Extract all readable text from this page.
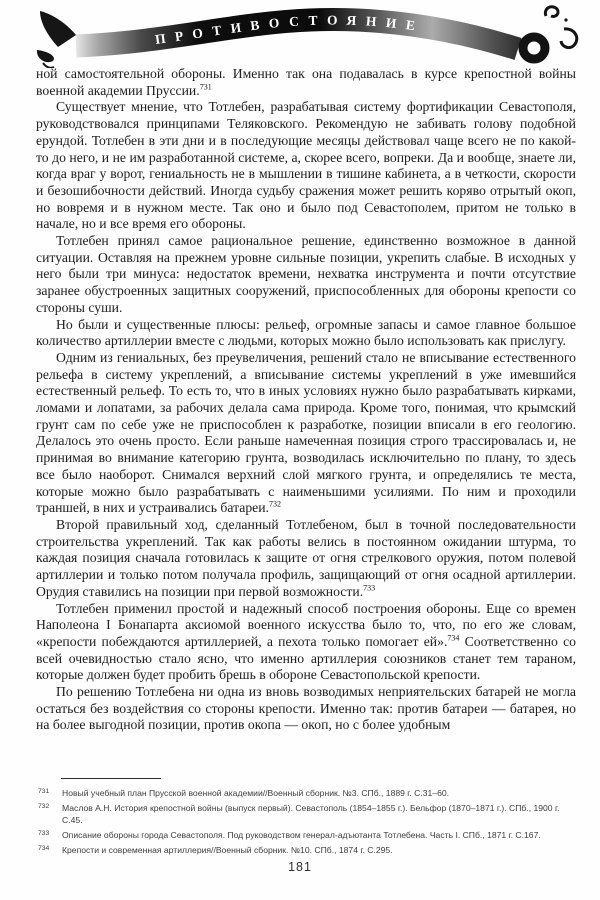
ПРОТИВОСТОЯНИЕ

ной самостоятельной обороны. Именно так она подавалась в курсе крепостной войны военной академии Пруссии.$^{731}$

Существует мнение, что Тотлебен, разрабатывая систему фортификации Севастополя, руководствовался принципами Теляковского. Рекомендую не забивать голову подобной ерундой. Тотлебен в эти дни и в последующие месяцы действовал чаще всего не по какой-то до него, и не им разработанной системе, а, скорее всего, вопреки. Да и вообще, знаете ли, когда враг у ворот, гениальность не в мышлении в тишине кабинета, а в четкости, скорости и безошибочности действий. Иногда судьбу сражения может решить коряво отрытый окоп, но вовремя и в нужном месте. Так оно и было под Севастополем, притом не только в начале, но и все время его обороны.

Тотлебен принял самое рациональное решение, единственно возможное в данной ситуации. Оставляя на прежнем уровне сильные позиции, укрепить слабые. В исходных у него были три минуса: недостаток времени, нехватка инструмента и почти отсутствие заранее обустроенных защитных сооружений, приспособленных для обороны крепости со стороны суши.

Но были и существенные плюсы: рельеф, огромные запасы и самое главное большое количество артиллерии вместе с людьми, которых можно было использовать как прислугу.

Одним из гениальных, без преувеличения, решений стало не вписывание естественного рельефа в систему укреплений, а вписывание системы укреплений в уже имевшийся естественный рельеф. То есть то, что в иных условиях нужно было разрабатывать кирками, ломами и лопатами, за рабочих делала сама природа. Кроме того, понимая, что крымский грунт сам по себе уже не приспособлен к разработке, позиции вписали в его геологию. Делалось это очень просто. Если раньше намеченная позиция строго трассировалась и, не принимая во внимание категорию грунта, возводилась исключительно по плану, то здесь все было наоборот. Снимался верхний слой мягкого грунта, и определялись те места, которые можно было разрабатывать с наименьшими усилиями. По ним и проходили траншей, в них и устраивались батареи.$^{732}$

Второй правильный ход, сделанный Тотлебеном, был в точной последовательности строительства укреплений. Так как работы велись в постоянном ожидании штурма, то каждая позиция сначала готовилась к защите от огня стрелкового оружия, потом полевой артиллерии и только потом получала профиль, защищающий от огня осадной артиллерии. Орудия ставились на позиции при первой возможности.$^{733}$

Тотлебен применил простой и надежный способ построения обороны. Еще со времен Наполеона I Бонапарта аксиомой военного искусства было то, что, по его же словам, «крепости побеждаются артиллерией, а пехота только помогает ей».$^{734}$ Соответственно со всей очевидностью стало ясно, что именно артиллерия союзников станет тем тараном, которые должен будет пробить брешь в обороне Севастопольской крепости.

По решению Тотлебена ни одна из вновь возводимых неприятельских батарей не могла остаться без воздействия со стороны крепости. Именно так: против батареи — батарея, но на более выгодной позиции, против окопа — окоп, но с более удобным

731	Новый учебный план Прусской военной академии//Военный сборник. №3. СПб., 1889 г. С.31–60.
732	Маслов А.Н. История крепостной войны (выпуск первый). Севастополь (1854–1855 г.). Бельфор (1870–1871 г.). СПб., 1900 г. С.45.
733	Описание обороны города Севастополя. Под руководством генерал-адъютанта Тотлебена. Часть I. СПб., 1871 г. С.167.
734	Крепости и современная артиллерия//Военный сборник. №10. СПб., 1874 г. С.295.
181
